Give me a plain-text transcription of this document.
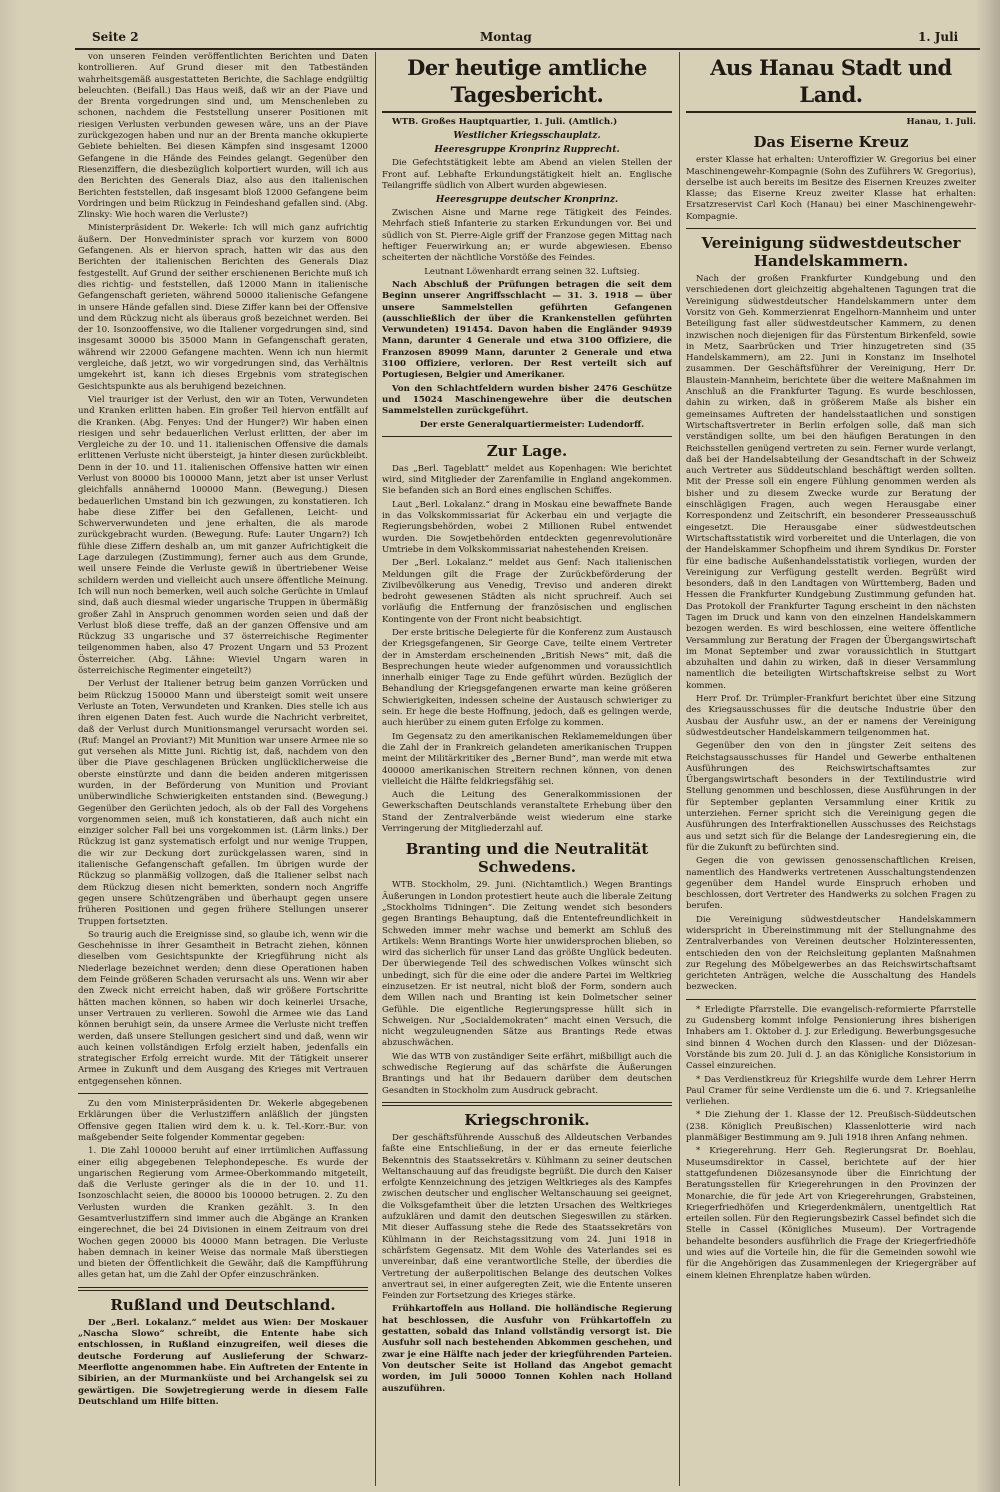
Seite 2	Montag	1. Juli

von unseren Feinden veröffentlichten Berichten und Daten kontrollieren. Auf Grund dieser mit den Tatbeständen wahrheitsgemäß ausgestatteten Berichte, die Sachlage endgültig beleuchten. (Beifall.) Das Haus weiß, daß wir an der Piave und der Brenta vorgedrungen sind und, um Menschenleben zu schonen, nachdem die Feststellung unserer Positionen mit riesigen Verlusten verbunden gewesen wäre, uns an der Piave zurückgezogen haben und nur an der Brenta manche okkupierte Gebiete behielten. Bei diesen Kämpfen sind insgesamt 12000 Gefangene in die Hände des Feindes gelangt. Gegenüber den Riesenziffern, die diesbezüglich kolportiert wurden, will ich aus den Berichten des Generals Diaz, also aus den italienischen Berichten feststellen, daß insgesamt bloß 12000 Gefangene beim Vordringen und beim Rückzug in Feindeshand gefallen sind. (Abg. Zlinsky: Wie hoch waren die Verluste?)

Ministerpräsident Dr. Wekerle: Ich will mich ganz aufrichtig äußern. Der Honvedminister sprach vor kurzem von 8000 Gefangenen. Als er hiervon sprach, hatten wir das aus den Berichten der italienischen Berichten des Generals Diaz festgestellt. Auf Grund der seither erschienenen Berichte muß ich dies richtig- und feststellen, daß 12000 Mann in italienische Gefangenschaft gerieten, während 50000 italienische Gefangene in unsere Hände gefallen sind. Diese Ziffer kann bei der Offensive und dem Rückzug nicht als überaus groß bezeichnet werden. Bei der 10. Isonzooffensive, wo die Italiener vorgedrungen sind, sind insgesamt 30000 bis 35000 Mann in Gefangenschaft geraten, während wir 22000 Gefangene machten. Wenn ich nun hiermit vergleiche, daß jetzt, wo wir vorgedrungen sind, das Verhältnis umgekehrt ist, kann ich dieses Ergebnis vom strategischen Gesichtspunkte aus als beruhigend bezeichnen.

Viel trauriger ist der Verlust, den wir an Toten, Verwundeten und Kranken erlitten haben. Ein großer Teil hiervon entfällt auf die Kranken. (Abg. Fenyes: Und der Hunger?) Wir haben einen riesigen und sehr bedauerlichen Verlust erlitten, der aber im Vergleiche zu der 10. und 11. italienischen Offensive die damals erlittenen Verluste nicht übersteigt, ja hinter diesen zurückbleibt. Denn in der 10. und 11. italienischen Offensive hatten wir einen Verlust von 80000 bis 100000 Mann, jetzt aber ist unser Verlust gleichfalls annähernd 100000 Mann. (Bewegung.) Diesen bedauerlichen Umstand bin ich gezwungen, zu konstatieren. Ich habe diese Ziffer bei den Gefallenen, Leicht- und Schwerverwundeten und jene erhalten, die als marode zurückgebracht wurden. (Bewegung. Rufe: Lauter Ungarn?) Ich fühle diese Ziffern deshalb an, um mit ganzer Aufrichtigkeit die Lage darzulegen (Zustimmung), ferner auch aus dem Grunde, weil unsere Feinde die Verluste gewiß in übertriebener Weise schildern werden und vielleicht auch unsere öffentliche Meinung. Ich will nun noch bemerken, weil auch solche Gerüchte in Umlauf sind, daß auch diesmal wieder ungarische Truppen in übermäßig großer Zahl in Anspruch genommen worden seien und daß der Verlust bloß diese treffe, daß an der ganzen Offensive und am Rückzug 33 ungarische und 37 österreichische Regimenter teilgenommen haben, also 47 Prozent Ungarn und 53 Prozent Österreicher. (Abg. Lähne: Wieviel Ungarn waren in österreichische Regimenter eingeteilt?)

Der Verlust der Italiener betrug beim ganzen Vorrücken und beim Rückzug 150000 Mann und übersteigt somit weit unsere Verluste an Toten, Verwundeten und Kranken. Dies stelle ich aus ihren eigenen Daten fest. Auch wurde die Nachricht verbreitet, daß der Verlust durch Munitionsmangel verursacht worden sei. (Ruf: Mangel an Proviant?) Mit Munition war unsere Armee nie so gut versehen als Mitte Juni. Richtig ist, daß, nachdem von den über die Piave geschlagenen Brücken unglücklicherweise die oberste einstürzte und dann die beiden anderen mitgerissen wurden, in der Beförderung von Munition und Proviant unüberwindliche Schwierigkeiten entstanden sind. (Bewegung.) Gegenüber den Gerüchten jedoch, als ob der Fall des Vorgehens vorgenommen seien, muß ich konstatieren, daß auch nicht ein einziger solcher Fall bei uns vorgekommen ist. (Lärm links.) Der Rückzug ist ganz systematisch erfolgt und nur wenige Truppen, die wir zur Deckung dort zurückgelassen waren, sind in italienische Gefangenschaft gefallen. Im übrigen wurde der Rückzug so planmäßig vollzogen, daß die Italiener selbst nach dem Rückzug diesen nicht bemerkten, sondern noch Angriffe gegen unsere Schützengräben und überhaupt gegen unsere früheren Positionen und gegen frühere Stellungen unserer Truppen fortsetzten.

So traurig auch die Ereignisse sind, so glaube ich, wenn wir die Geschehnisse in ihrer Gesamtheit in Betracht ziehen, können dieselben vom Gesichtspunkte der Kriegführung nicht als Niederlage bezeichnet werden; denn diese Operationen haben dem Feinde größeren Schaden verursacht als uns. Wenn wir aber den Zweck nicht erreicht haben, daß wir größere Fortschritte hätten machen können, so haben wir doch keinerlei Ursache, unser Vertrauen zu verlieren. Sowohl die Armee wie das Land können beruhigt sein, da unsere Armee die Verluste nicht treffen werden, daß unsere Stellungen gesichert sind und daß, wenn wir auch keinen vollständigen Erfolg erzielt haben, jedenfalls ein strategischer Erfolg erreicht wurde. Mit der Tätigkeit unserer Armee in Zukunft und dem Ausgang des Krieges mit Vertrauen entgegensehen können.

Zu den vom Ministerpräsidenten Dr. Wekerle abgegebenen Erklärungen über die Verlustziffern anläßlich der jüngsten Offensive gegen Italien wird dem k. u. k. Tel.-Korr.-Bur. von maßgebender Seite folgender Kommentar gegeben:

1. Die Zahl 100000 beruht auf einer irrtümlichen Auffassung einer eilig abgegebenen Telephondepesche. Es wurde der ungarischen Regierung vom Armee-Oberkommando mitgeteilt, daß die Verluste geringer als die in der 10. und 11. Isonzoschlacht seien, die 80000 bis 100000 betrugen. 2. Zu den Verlusten wurden die Kranken gezählt. 3. In den Gesamtverlustziffern sind immer auch die Abgänge an Kranken eingerechnet, die bei 24 Divisionen in einem Zeitraum von drei Wochen gegen 20000 bis 40000 Mann betragen. Die Verluste haben demnach in keiner Weise das normale Maß überstiegen und bieten der Öffentlichkeit die Gewähr, daß die Kampfführung alles getan hat, um die Zahl der Opfer einzuschränken.

Rußland und Deutschland.

Der „Berl. Lokalanz.“ meldet aus Wien: Der Moskauer „Nascha Slowo“ schreibt, die Entente habe sich entschlossen, in Rußland einzugreifen, weil dieses die deutsche Forderung auf Auslieferung der Schwarz-Meerflotte angenommen habe. Ein Auftreten der Entente in Sibirien, an der Murmanküste und bei Archangelsk sei zu gewärtigen. Die Sowjetregierung werde in diesem Falle Deutschland um Hilfe bitten.

Der heutige amtliche Tagesbericht.

WTB. Großes Hauptquartier, 1. Juli. (Amtlich.)

Westlicher Kriegsschauplatz.
Heeresgruppe Kronprinz Rupprecht.

Die Gefechtstätigkeit lebte am Abend an vielen Stellen der Front auf. Lebhafte Erkundungstätigkeit hielt an. Englische Teilangriffe südlich von Albert wurden abgewiesen.

Heeresgruppe deutscher Kronprinz.

Zwischen Aisne und Marne rege Tätigkeit des Feindes. Mehrfach stieß Infanterie zu starken Erkundungen vor. Bei und südlich von St. Pierre-Aigle griff der Franzose gegen Mittag nach heftiger Feuerwirkung an; er wurde abgewiesen. Ebenso scheiterten der nächtliche Vorstöße des Feindes.

Leutnant Löwenhardt errang seinen 32. Luftsieg.

Nach Abschluß der Prüfungen betragen die seit dem Beginn unserer Angriffsschlacht — 31. 3. 1918 — über unsere Sammelstellen geführten Gefangenen (ausschließlich der über die Krankenstellen geführten Verwundeten) 191454. Davon haben die Engländer 94939 Mann, darunter 4 Generale und etwa 3100 Offiziere, die Franzosen 89099 Mann, darunter 2 Generale und etwa 3100 Offiziere, verloren. Der Rest verteilt sich auf Portugiesen, Belgier und Amerikaner.

Von den Schlachtfeldern wurden bisher 2476 Geschütze und 15024 Maschinengewehre über die deutschen Sammelstellen zurückgeführt.

Der erste Generalquartiermeister: Ludendorff.

Zur Lage.

Das „Berl. Tageblatt“ meldet aus Kopenhagen: Wie berichtet wird, sind Mitglieder der Zarenfamilie in England angekommen. Sie befanden sich an Bord eines englischen Schiffes.

Laut „Berl. Lokalanz.“ drang in Moskau eine bewaffnete Bande in das Volkskommissariat für Ackerbau ein und verjagte die Regierungsbehörden, wobei 2 Millionen Rubel entwendet wurden. Die Sowjetbehörden entdeckten gegenrevolutionäre Umtriebe in dem Volkskommissariat nahestehenden Kreisen.

Der „Berl. Lokalanz.“ meldet aus Genf: Nach italienischen Meldungen gilt die Frage der Zurückbeförderung der Zivilbevölkerung aus Venedig, Treviso und anderen direkt bedroht gewesenen Städten als nicht spruchreif. Auch sei vorläufig die Entfernung der französischen und englischen Kontingente von der Front nicht beabsichtigt.

Der erste britische Delegierte für die Konferenz zum Austausch der Kriegsgefangenen, Sir George Cave, teilte einem Vertreter der in Amsterdam erscheinenden „British News“ mit, daß die Besprechungen heute wieder aufgenommen und voraussichtlich innerhalb einiger Tage zu Ende geführt würden. Bezüglich der Behandlung der Kriegsgefangenen erwarte man keine größeren Schwierigkeiten, indessen scheine der Austausch schwieriger zu sein. Er hege die beste Hoffnung, jedoch, daß es gelingen werde, auch hierüber zu einem guten Erfolge zu kommen.

Im Gegensatz zu den amerikanischen Reklamemeldungen über die Zahl der in Frankreich gelandeten amerikanischen Truppen meint der Militärkritiker des „Berner Bund“, man werde mit etwa 400000 amerikanischen Streitern rechnen können, von denen vielleicht die Hälfte feldkriegsfähig sei.

Auch die Leitung des Generalkommissionen der Gewerkschaften Deutschlands veranstaltete Erhebung über den Stand der Zentralverbände weist wiederum eine starke Verringerung der Mitgliederzahl auf.

Branting und die Neutralität Schwedens.

WTB. Stockholm, 29. Juni. (Nichtamtlich.) Wegen Brantings Äußerungen in London protestiert heute auch die liberale Zeitung „Stockholms Tidningen“. Die Zeitung wendet sich besonders gegen Brantings Behauptung, daß die Ententefreundlichkeit in Schweden immer mehr wachse und bemerkt am Schluß des Artikels: Wenn Brantings Worte hier unwidersprochen blieben, so wird das sicherlich für unser Land das größte Unglück bedeuten. Der überwiegende Teil des schwedischen Volkes wünscht sich unbedingt, sich für die eine oder die andere Partei im Weltkrieg einzusetzen. Er ist neutral, nicht bloß der Form, sondern auch dem Willen nach und Branting ist kein Dolmetscher seiner Gefühle. Die eigentliche Regierungspresse hüllt sich in Schweigen. Nur „Socialdemokraten“ macht einen Versuch, die nicht wegzuleugnenden Sätze aus Brantings Rede etwas abzuschwächen.

Wie das WTB von zuständiger Seite erfährt, mißbilligt auch die schwedische Regierung auf das schärfste die Äußerungen Brantings und hat ihr Bedauern darüber dem deutschen Gesandten in Stockholm zum Ausdruck gebracht.

Kriegschronik.

Der geschäftsführende Ausschuß des Alldeutschen Verbandes faßte eine Entschließung, in der er das erneute feierliche Bekenntnis des Staatssekretärs v. Kühlmann zu seiner deutschen Weltanschauung auf das freudigste begrüßt. Die durch den Kaiser erfolgte Kennzeichnung des jetzigen Weltkrieges als des Kampfes zwischen deutscher und englischer Weltanschauung sei geeignet, die Volksgefamtheit über die letzten Ursachen des Weltkrieges aufzuklären und damit den deutschen Siegeswillen zu stärken. Mit dieser Auffassung stehe die Rede des Staatssekretärs von Kühlmann in der Reichstagssitzung vom 24. Juni 1918 in schärfstem Gegensatz. Mit dem Wohle des Vaterlandes sei es unvereinbar, daß eine verantwortliche Stelle, der überdies die Vertretung der außerpolitischen Belange des deutschen Volkes anvertraut sei, in einer aufgeregten Zeit, wie die Entente unseren Feinden zur Fortsetzung des Krieges stärke.

Frühkartoffeln aus Holland. Die holländische Regierung hat beschlossen, die Ausfuhr von Frühkartoffeln zu gestatten, sobald das Inland vollständig versorgt ist. Die Ausfuhr soll nach bestehenden Abkommen geschehen, und zwar je eine Hälfte nach jeder der kriegführenden Parteien. Von deutscher Seite ist Holland das Angebot gemacht worden, im Juli 50000 Tonnen Kohlen nach Holland auszuführen.

Aus Hanau Stadt und Land.

Hanau, 1. Juli.

Das Eiserne Kreuz

erster Klasse hat erhalten: Unteroffizier W. Gregorius bei einer Maschinengewehr-Kompagnie (Sohn des Zuführers W. Gregorius), derselbe ist auch bereits im Besitze des Eisernen Kreuzes zweiter Klasse; das Eiserne Kreuz zweiter Klasse hat erhalten: Ersatzreservist Carl Koch (Hanau) bei einer Maschinengewehr-Kompagnie.

Vereinigung südwestdeutscher Handelskammern.

Nach der großen Frankfurter Kundgebung und den verschiedenen dort gleichzeitig abgehaltenen Tagungen trat die Vereinigung südwestdeutscher Handelskammern unter dem Vorsitz von Geh. Kommerzienrat Engelhorn-Mannheim und unter Beteiligung fast aller südwestdeutscher Kammern, zu denen inzwischen noch diejenigen für das Fürstentum Birkenfeld, sowie in Metz, Saarbrücken und Trier hinzugetreten sind (35 Handelskammern), am 22. Juni in Konstanz im Inselhotel zusammen. Der Geschäftsführer der Vereinigung, Herr Dr. Blaustein-Mannheim, berichtete über die weitere Maßnahmen im Anschluß an die Frankfurter Tagung. Es wurde beschlossen, dahin zu wirken, daß in größerem Maße als bisher ein gemeinsames Auftreten der handelsstaatlichen und sonstigen Wirtschaftsvertreter in Berlin erfolgen solle, daß man sich verständigen sollte, um bei den häufigen Beratungen in den Reichsstellen genügend vertreten zu sein. Ferner wurde verlangt, daß bei der Handelsabteilung der Gesandtschaft in der Schweiz auch Vertreter aus Süddeutschland beschäftigt werden sollten. Mit der Presse soll ein engere Fühlung genommen werden als bisher und zu diesem Zwecke wurde zur Beratung der einschlägigen Fragen, auch wegen Herausgabe einer Korrespondenz und Zeitschrift, ein besonderer Presseausschuß eingesetzt. Die Herausgabe einer südwestdeutschen Wirtschaftsstatistik wird vorbereitet und die Unterlagen, die von der Handelskammer Schopfheim und ihrem Syndikus Dr. Forster für eine badische Außenhandelsstatistik vorliegen, wurden der Vereinigung zur Verfügung gestellt werden. Begrüßt wird besonders, daß in den Landtagen von Württemberg, Baden und Hessen die Frankfurter Kundgebung Zustimmung gefunden hat. Das Protokoll der Frankfurter Tagung erscheint in den nächsten Tagen im Druck und kann von den einzelnen Handelskammern bezogen werden. Es wird beschlossen, eine weitere öffentliche Versammlung zur Beratung der Fragen der Übergangswirtschaft im Monat September und zwar voraussichtlich in Stuttgart abzuhalten und dahin zu wirken, daß in dieser Versammlung namentlich die beteiligten Wirtschaftskreise selbst zu Wort kommen.

Herr Prof. Dr. Trümpler-Frankfurt berichtet über eine Sitzung des Kriegsausschusses für die deutsche Industrie über den Ausbau der Ausfuhr usw., an der er namens der Vereinigung südwestdeutscher Handelskammern teilgenommen hat.

Gegenüber den von den in jüngster Zeit seitens des Reichstagsausschusses für Handel und Gewerbe enthaltenen Ausführungen des Reichswirtschaftsamtes zur Übergangswirtschaft besonders in der Textilindustrie wird Stellung genommen und beschlossen, diese Ausführungen in der für September geplanten Versammlung einer Kritik zu unterziehen. Ferner spricht sich die Vereinigung gegen die Ausführungen des Interfraktionellen Ausschusses des Reichstags aus und setzt sich für die Belange der Landesregierung ein, die für die Zukunft zu befürchten sind.

Gegen die von gewissen genossenschaftlichen Kreisen, namentlich des Handwerks vertretenen Ausschaltungstendenzen gegenüber dem Handel wurde Einspruch erhoben und beschlossen, dort Vertreter des Handwerks zu solchen Fragen zu berufen.

Die Vereinigung südwestdeutscher Handelskammern widerspricht in Übereinstimmung mit der Stellungnahme des Zentralverbandes von Vereinen deutscher Holzinteressenten, entschieden den von der Reichsleitung geplanten Maßnahmen zur Regelung des Möbelgewerbes an das Reichswirtschaftsamt gerichteten Anträgen, welche die Ausschaltung des Handels bezwecken.

* Erledigte Pfarrstelle. Die evangelisch-reformierte Pfarrstelle zu Gudensberg kommt infolge Pensionierung ihres bisherigen Inhabers am 1. Oktober d. J. zur Erledigung. Bewerbungsgesuche sind binnen 4 Wochen durch den Klassen- und der Diözesan-Vorstände bis zum 20. Juli d. J. an das Königliche Konsistorium in Cassel einzureichen.

* Das Verdienstkreuz für Kriegshilfe wurde dem Lehrer Herrn Paul Cramer für seine Verdienste um die 6. und 7. Kriegsanleihe verliehen.

* Die Ziehung der 1. Klasse der 12. Preußisch-Süddeutschen (238. Königlich Preußischen) Klassenlotterie wird nach planmäßiger Bestimmung am 9. Juli 1918 ihren Anfang nehmen.

* Kriegerehrung. Herr Geh. Regierungsrat Dr. Boehlau, Museumsdirektor in Cassel, berichtete auf der hier stattgefundenen Diözesansynode über die Einrichtung der Beratungsstellen für Kriegerehrungen in den Provinzen der Monarchie, die für jede Art von Kriegerehrungen, Grabsteinen, Kriegerfriedhöfen und Kriegerdenkmälern, unentgeltlich Rat erteilen sollen. Für den Regierungsbezirk Cassel befindet sich die Stelle in Cassel (Königliches Museum). Der Vortragende behandelte besonders ausführlich die Frage der Kriegerfriedhöfe und wies auf die Vorteile hin, die für die Gemeinden sowohl wie für die Angehörigen das Zusammenlegen der Kriegergräber auf einem kleinen Ehrenplatze haben würden.
